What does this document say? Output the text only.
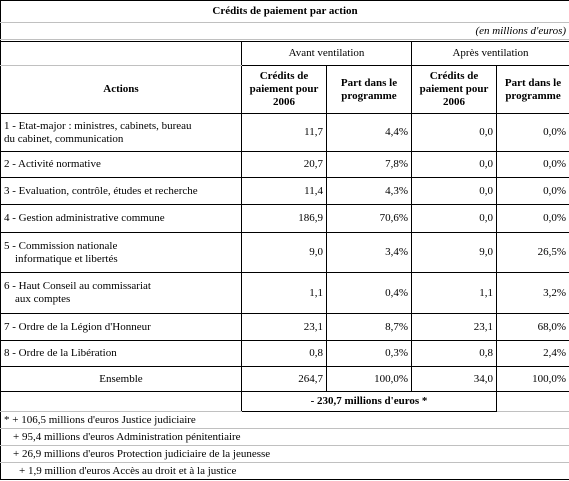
Crédits de paiement par action				
(en millions d'euros)				

	Avant ventilation		Après ventilation	
Actions	Crédits de paiement pour 2006	Part dans le programme	Crédits de paiement pour 2006	Part dans le programme
1 - Etat-major : ministres, cabinets, bureau
du cabinet, communication	11,7	4,4%	0,0	0,0%
2 - Activité normative	20,7	7,8%	0,0	0,0%
3 - Evaluation, contrôle, études et recherche	11,4	4,3%	0,0	0,0%
4 - Gestion administrative commune	186,9	70,6%	0,0	0,0%
5 - Commission nationale
informatique et libertés	9,0	3,4%	9,0	26,5%
6 - Haut Conseil au commissariat
aux comptes	1,1	0,4%	1,1	3,2%
7 - Ordre de la Légion d'Honneur	23,1	8,7%	23,1	68,0%
8 - Ordre de la Libération	0,8	0,3%	0,8	2,4%
Ensemble	264,7	100,0%	34,0	100,0%
	- 230,7 millions d'euros *			
* + 106,5 millions d'euros Justice judiciaire				
+ 95,4 millions d'euros Administration pénitentiaire				
+ 26,9 millions d'euros Protection judiciaire de la jeunesse				
+ 1,9 million d'euros Accès au droit et à la justice				
